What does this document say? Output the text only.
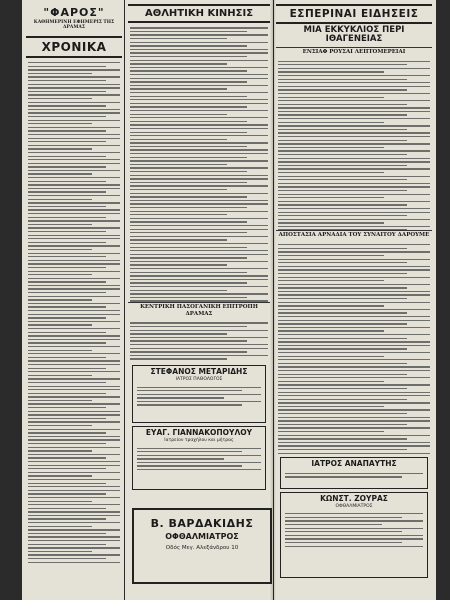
"ΦΑΡΟΣ"
ΚΑΘΗΜΕΡΙΝΗ ΕΦΗΜΕΡΙΣ ΤΗΣ ΔΡΑΜΑΣ
ΧΡΟΝΙΚΑ
ΑΘΛΗΤΙΚΗ ΚΙΝΗΣΙΣ
ΚΕΝΤΡΙΚΗ ΠΑΣΟΓΑΝΙΚΗ ΕΠΙΤΡΟΠΗ ΔΡΑΜΑΣ
ΣΤΕΦΑΝΟΣ ΜΕΤΑΡΙΔΗΣ
ΙΑΤΡΟΣ ΠΑΘΟΛΟΓΟΣ
ΕΥΑΓ. ΓΙΑΝΝΑΚΟΠΟΥΛΟΥ
Ιατρείον τραχήλου και μήτρας
ΕΣΠΕΡΙΝΑΙ ΕΙΔΗΣΕΙΣ
ΜΙΑ ΕΚΚΥΚΛΙΟΣ ΠΕΡΙ ΙΘΑΓΕΝΕΙΑΣ
ΕΝΣΙΑΦ ΡΟΥΣΑΙ ΛΕΠΤΟΜΕΡΕΙΑΙ
ΑΠΟΣΤΑΣΙΑ ΑΡΝΑΔΙΑ ΤΟΥ ΣΥΝΑΙΤΟΥ ΔΑΡΟΥΜΕ
ΙΑΤΡΟΣ ΑΝΑΠΑΥΤΗΣ
ΚΩΝΣΤ. ΖΟΥΡΑΣ
ΟΦΘΑΛΜΙΑΤΡΟΣ
Β. ΒΑΡΔΑΚΙΔΗΣ
ΟΦΘΑΛΜΙΑΤΡΟΣ
Οδός Μεγ. Αλεξάνδρου 10
